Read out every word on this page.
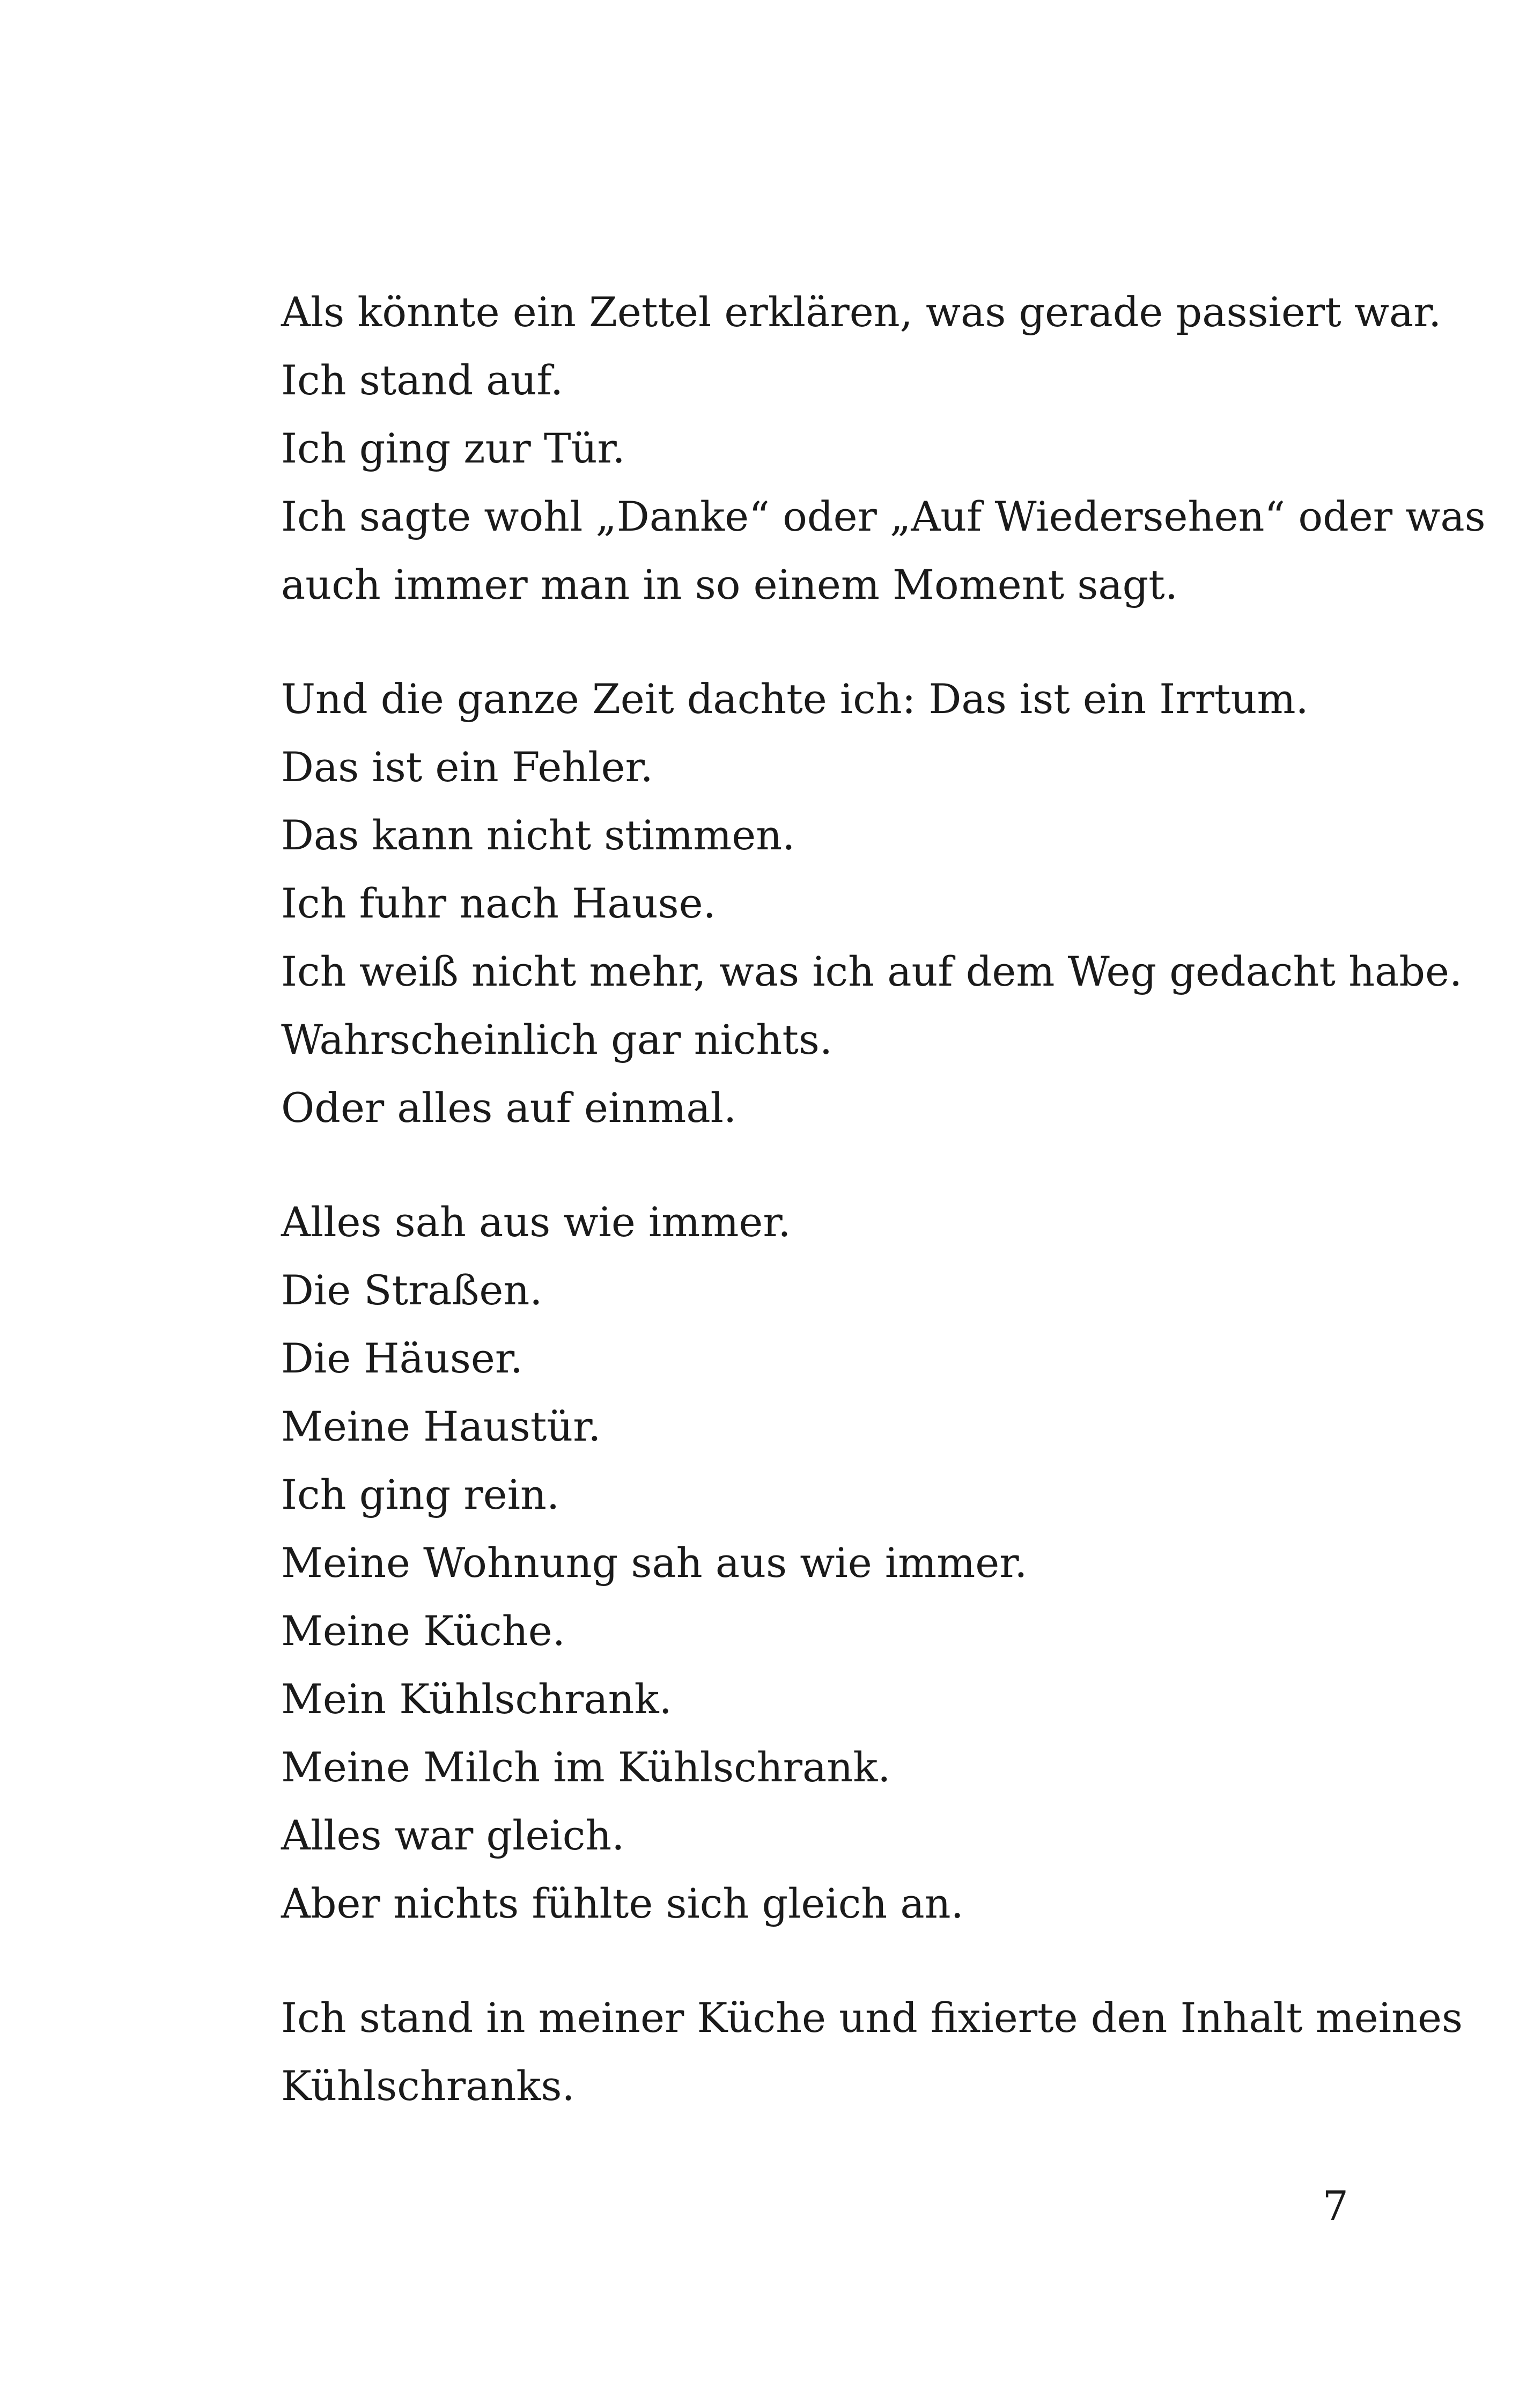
Als könnte ein Zettel erklären, was gerade passiert war.
Ich stand auf.
Ich ging zur Tür.
Ich sagte wohl „Danke“ oder „Auf Wiedersehen“ oder was
auch immer man in so einem Moment sagt.

Und die ganze Zeit dachte ich: Das ist ein Irrtum.
Das ist ein Fehler.
Das kann nicht stimmen.
Ich fuhr nach Hause.
Ich weiß nicht mehr, was ich auf dem Weg gedacht habe.
Wahrscheinlich gar nichts.
Oder alles auf einmal.

Alles sah aus wie immer.
Die Straßen.
Die Häuser.
Meine Haustür.
Ich ging rein.
Meine Wohnung sah aus wie immer.
Meine Küche.
Mein Kühlschrank.
Meine Milch im Kühlschrank.
Alles war gleich.
Aber nichts fühlte sich gleich an.

Ich stand in meiner Küche und fixierte den Inhalt meines
Kühlschranks.

7
